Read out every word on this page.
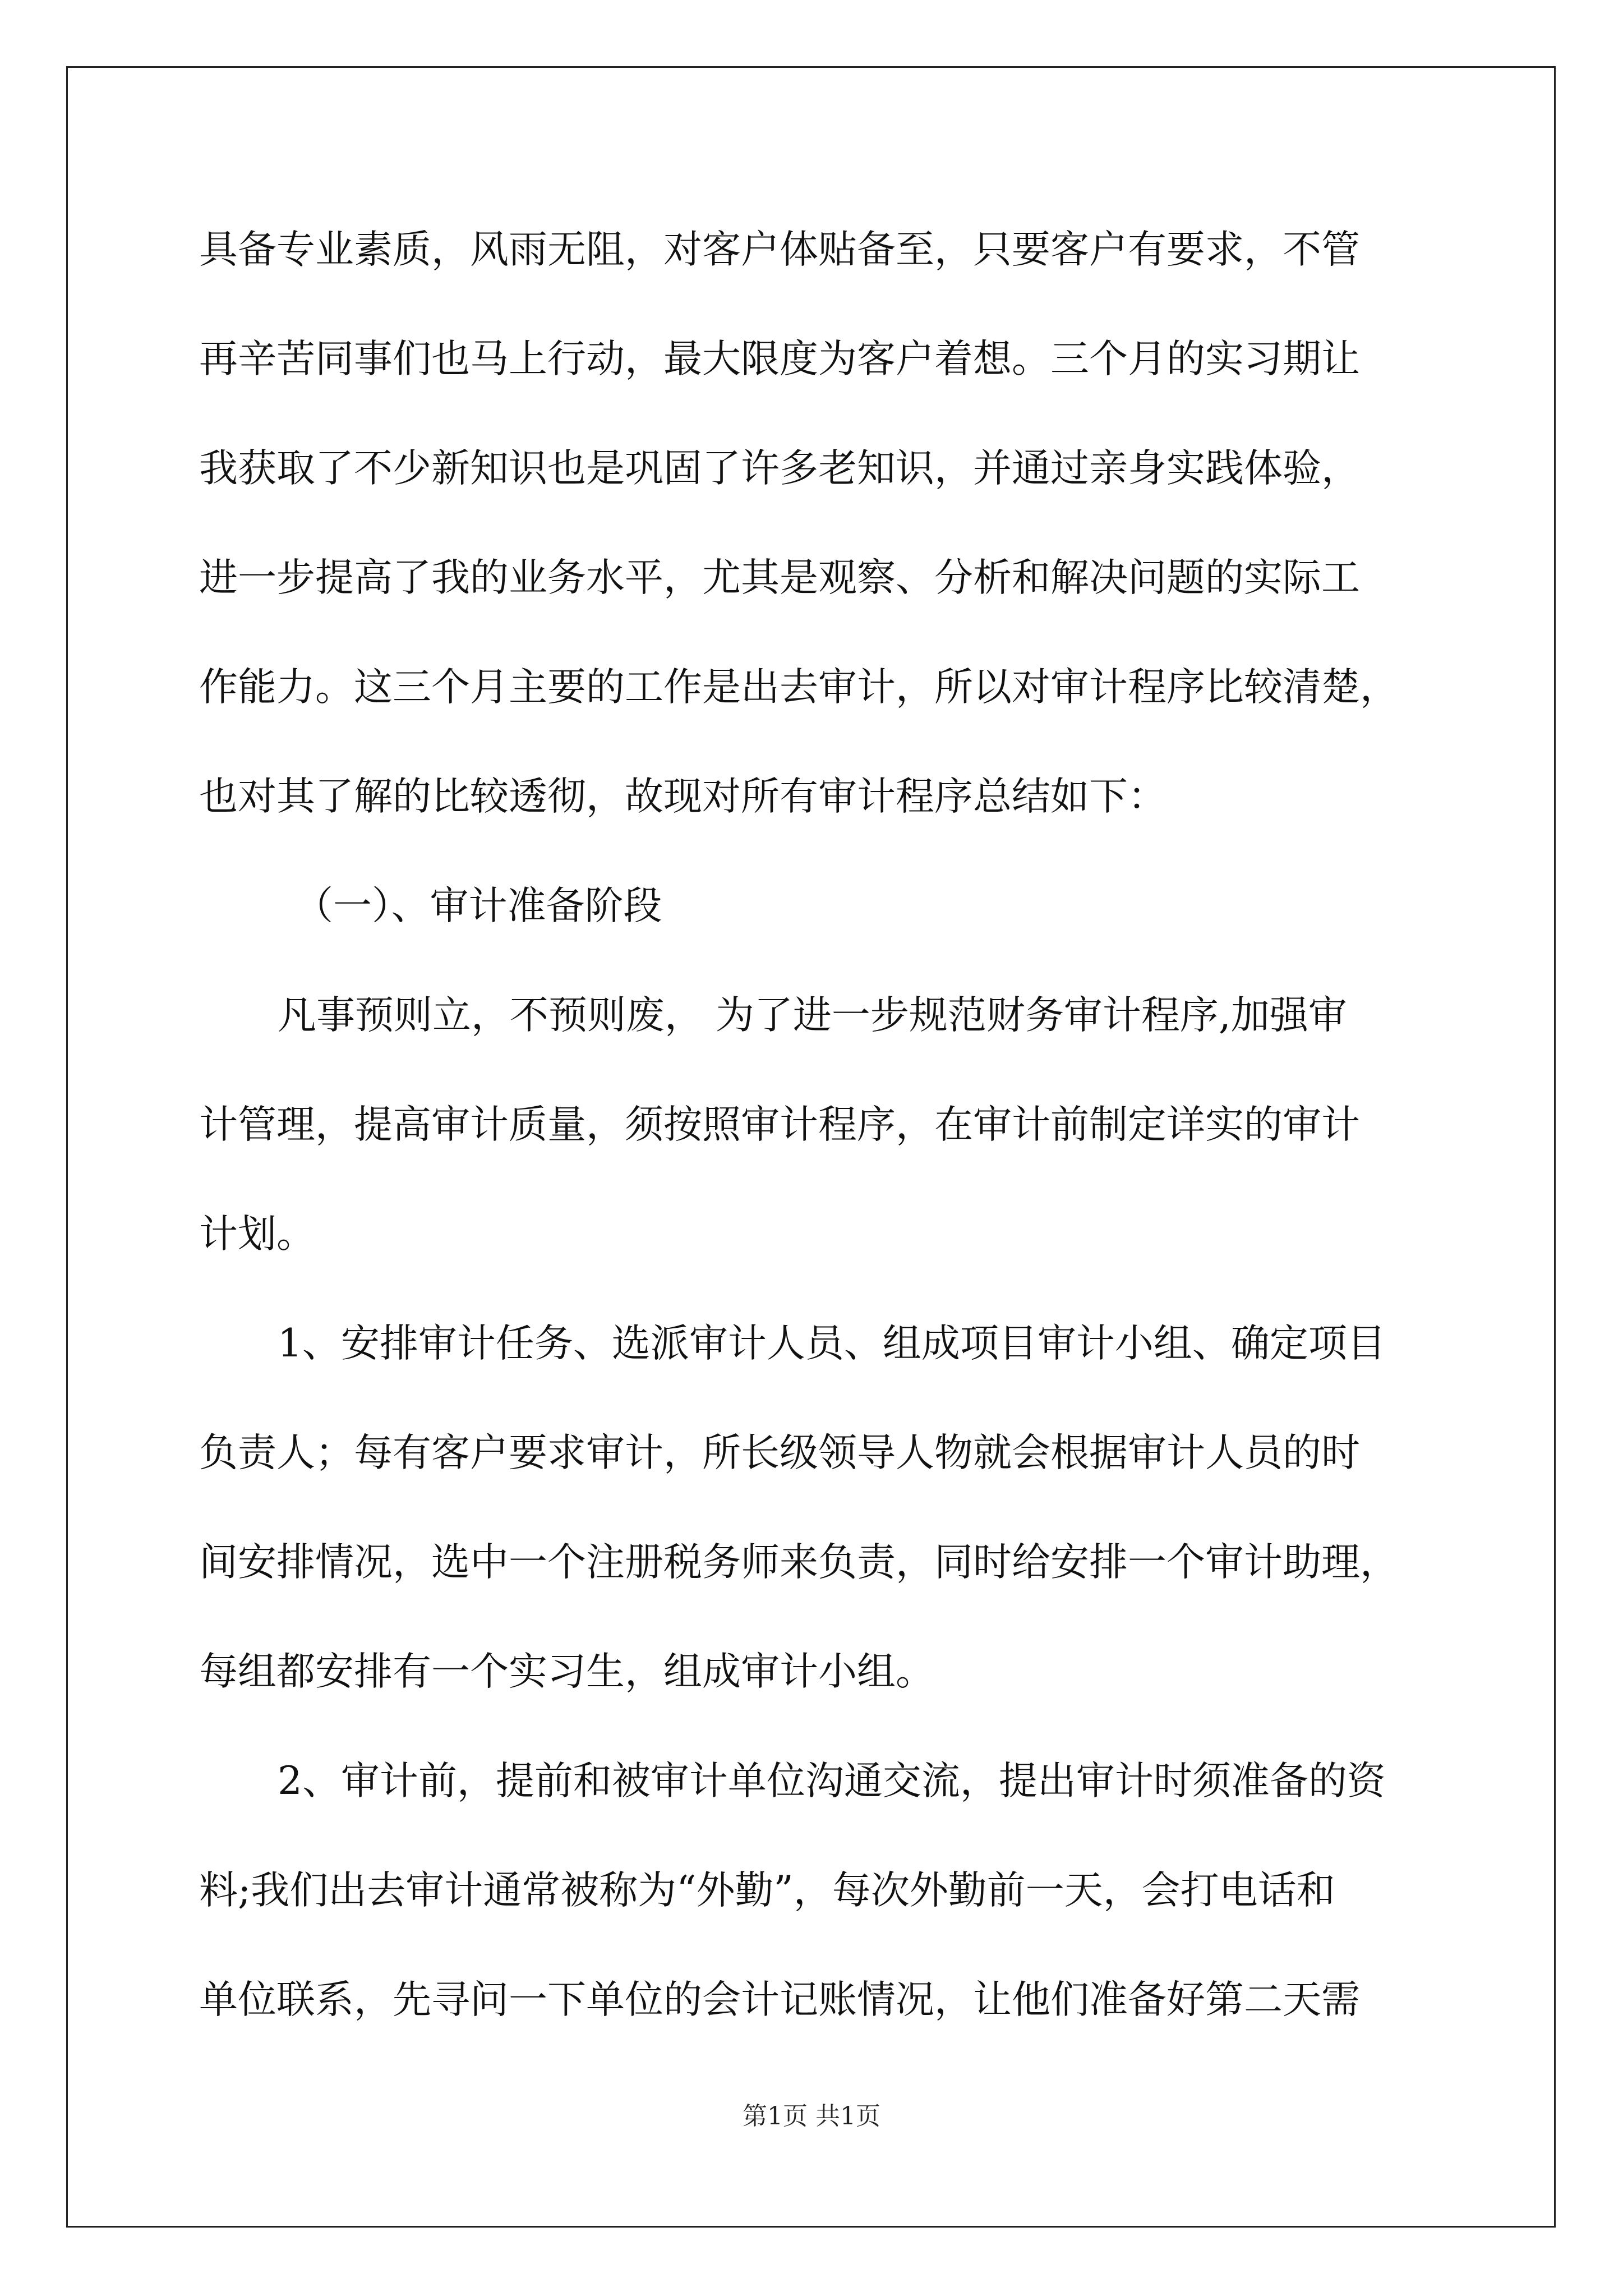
具备专业素质，风雨无阻，对客户体贴备至，只要客户有要求，不管
再辛苦同事们也马上行动，最大限度为客户着想。三个月的实习期让
我获取了不少新知识也是巩固了许多老知识，并通过亲身实践体验，
进一步提高了我的业务水平，尤其是观察、分析和解决问题的实际工
作能力。这三个月主要的工作是出去审计，所以对审计程序比较清楚，
也对其了解的比较透彻，故现对所有审计程序总结如下：
（一）、审计准备阶段
凡事预则立，不预则废， 为了进一步规范财务审计程序,加强审
计管理，提高审计质量，须按照审计程序，在审计前制定详实的审计
计划。
1、安排审计任务、选派审计人员、组成项目审计小组、确定项目
负责人；每有客户要求审计，所长级领导人物就会根据审计人员的时
间安排情况，选中一个注册税务师来负责，同时给安排一个审计助理，
每组都安排有一个实习生，组成审计小组。
2、审计前，提前和被审计单位沟通交流，提出审计时须准备的资
料;我们出去审计通常被称为“外勤”，每次外勤前一天，会打电话和
单位联系，先寻问一下单位的会计记账情况，让他们准备好第二天需
第1页 共1页
